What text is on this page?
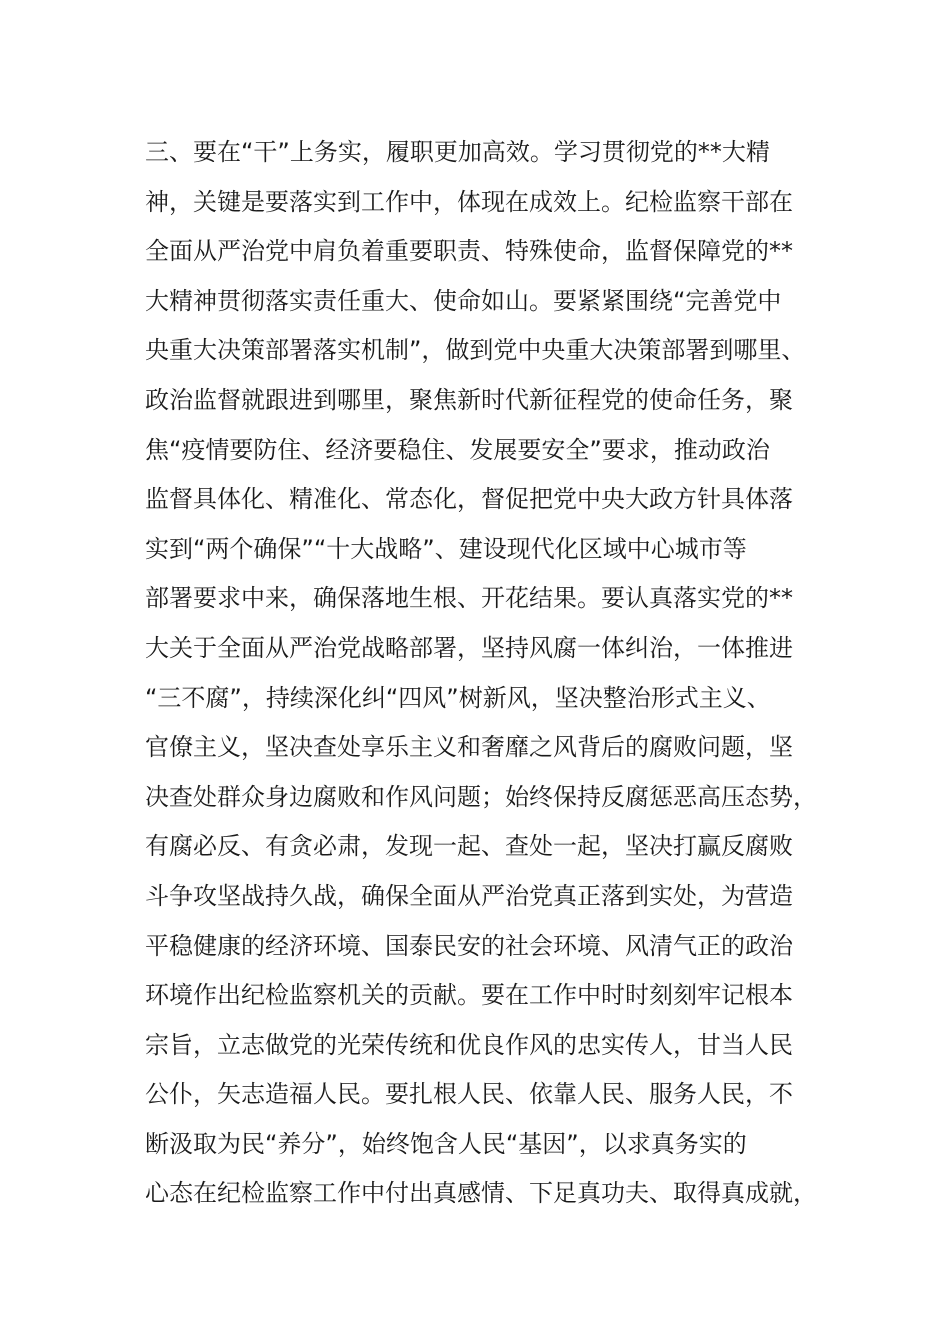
三、要在“干”上务实，履职更加高效。学习贯彻党的**大精
神，关键是要落实到工作中，体现在成效上。纪检监察干部在
全面从严治党中肩负着重要职责、特殊使命，监督保障党的**
大精神贯彻落实责任重大、使命如山。要紧紧围绕“完善党中
央重大决策部署落实机制”，做到党中央重大决策部署到哪里、
政治监督就跟进到哪里，聚焦新时代新征程党的使命任务，聚
焦“疫情要防住、经济要稳住、发展要安全”要求，推动政治
监督具体化、精准化、常态化，督促把党中央大政方针具体落
实到“两个确保”“十大战略”、建设现代化区域中心城市等
部署要求中来，确保落地生根、开花结果。要认真落实党的**
大关于全面从严治党战略部署，坚持风腐一体纠治，一体推进
“三不腐”，持续深化纠“四风”树新风，坚决整治形式主义、
官僚主义，坚决查处享乐主义和奢靡之风背后的腐败问题，坚
决查处群众身边腐败和作风问题；始终保持反腐惩恶高压态势，
有腐必反、有贪必肃，发现一起、查处一起，坚决打赢反腐败
斗争攻坚战持久战，确保全面从严治党真正落到实处，为营造
平稳健康的经济环境、国泰民安的社会环境、风清气正的政治
环境作出纪检监察机关的贡献。要在工作中时时刻刻牢记根本
宗旨，立志做党的光荣传统和优良作风的忠实传人，甘当人民
公仆，矢志造福人民。要扎根人民、依靠人民、服务人民，不
断汲取为民“养分”，始终饱含人民“基因”，以求真务实的
心态在纪检监察工作中付出真感情、下足真功夫、取得真成就，
